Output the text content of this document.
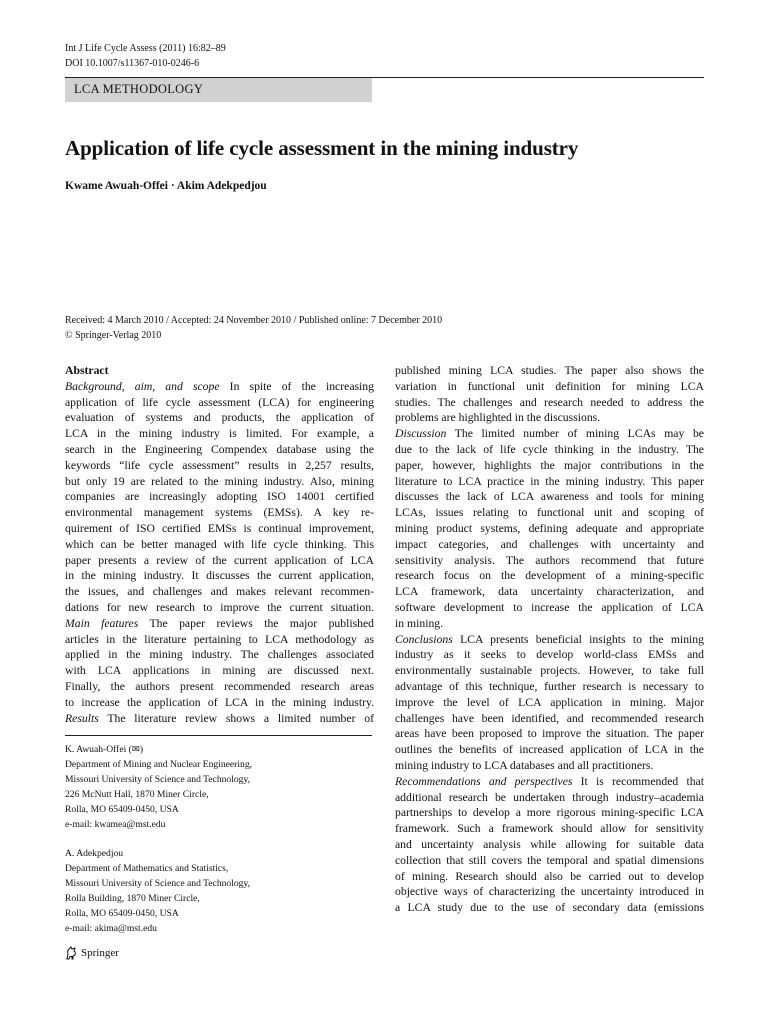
Int J Life Cycle Assess (2011) 16:82–89
DOI 10.1007/s11367-010-0246-6
LCA METHODOLOGY
Application of life cycle assessment in the mining industry
Kwame Awuah-Offei · Akim Adekpedjou
Received: 4 March 2010 / Accepted: 24 November 2010 / Published online: 7 December 2010
© Springer-Verlag 2010
Abstract
Background, aim, and scope In spite of the increasing
application of life cycle assessment (LCA) for engineering
evaluation of systems and products, the application of
LCA in the mining industry is limited. For example, a
search in the Engineering Compendex database using the
keywords “life cycle assessment” results in 2,257 results,
but only 19 are related to the mining industry. Also, mining
companies are increasingly adopting ISO 14001 certified
environmental management systems (EMSs). A key re-
quirement of ISO certified EMSs is continual improvement,
which can be better managed with life cycle thinking. This
paper presents a review of the current application of LCA
in the mining industry. It discusses the current application,
the issues, and challenges and makes relevant recommen-
dations for new research to improve the current situation.
Main features The paper reviews the major published
articles in the literature pertaining to LCA methodology as
applied in the mining industry. The challenges associated
with LCA applications in mining are discussed next.
Finally, the authors present recommended research areas
to increase the application of LCA in the mining industry.
Results The literature review shows a limited number of
published mining LCA studies. The paper also shows the
variation in functional unit definition for mining LCA
studies. The challenges and research needed to address the
problems are highlighted in the discussions.
Discussion The limited number of mining LCAs may be
due to the lack of life cycle thinking in the industry. The
paper, however, highlights the major contributions in the
literature to LCA practice in the mining industry. This paper
discusses the lack of LCA awareness and tools for mining
LCAs, issues relating to functional unit and scoping of
mining product systems, defining adequate and appropriate
impact categories, and challenges with uncertainty and
sensitivity analysis. The authors recommend that future
research focus on the development of a mining-specific
LCA framework, data uncertainty characterization, and
software development to increase the application of LCA
in mining.
Conclusions LCA presents beneficial insights to the mining
industry as it seeks to develop world-class EMSs and
environmentally sustainable projects. However, to take full
advantage of this technique, further research is necessary to
improve the level of LCA application in mining. Major
challenges have been identified, and recommended research
areas have been proposed to improve the situation. The paper
outlines the benefits of increased application of LCA in the
mining industry to LCA databases and all practitioners.
Recommendations and perspectives It is recommended that
additional research be undertaken through industry–academia
partnerships to develop a more rigorous mining-specific LCA
framework. Such a framework should allow for sensitivity
and uncertainty analysis while allowing for suitable data
collection that still covers the temporal and spatial dimensions
of mining. Research should also be carried out to develop
objective ways of characterizing the uncertainty introduced in
a LCA study due to the use of secondary data (emissions
K. Awuah-Offei (✉)
Department of Mining and Nuclear Engineering,
Missouri University of Science and Technology,
226 McNutt Hall, 1870 Miner Circle,
Rolla, MO 65409-0450, USA
e-mail: kwamea@mst.edu
A. Adekpedjou
Department of Mathematics and Statistics,
Missouri University of Science and Technology,
Rolla Building, 1870 Miner Circle,
Rolla, MO 65409-0450, USA
e-mail: akima@mst.edu
Springer
